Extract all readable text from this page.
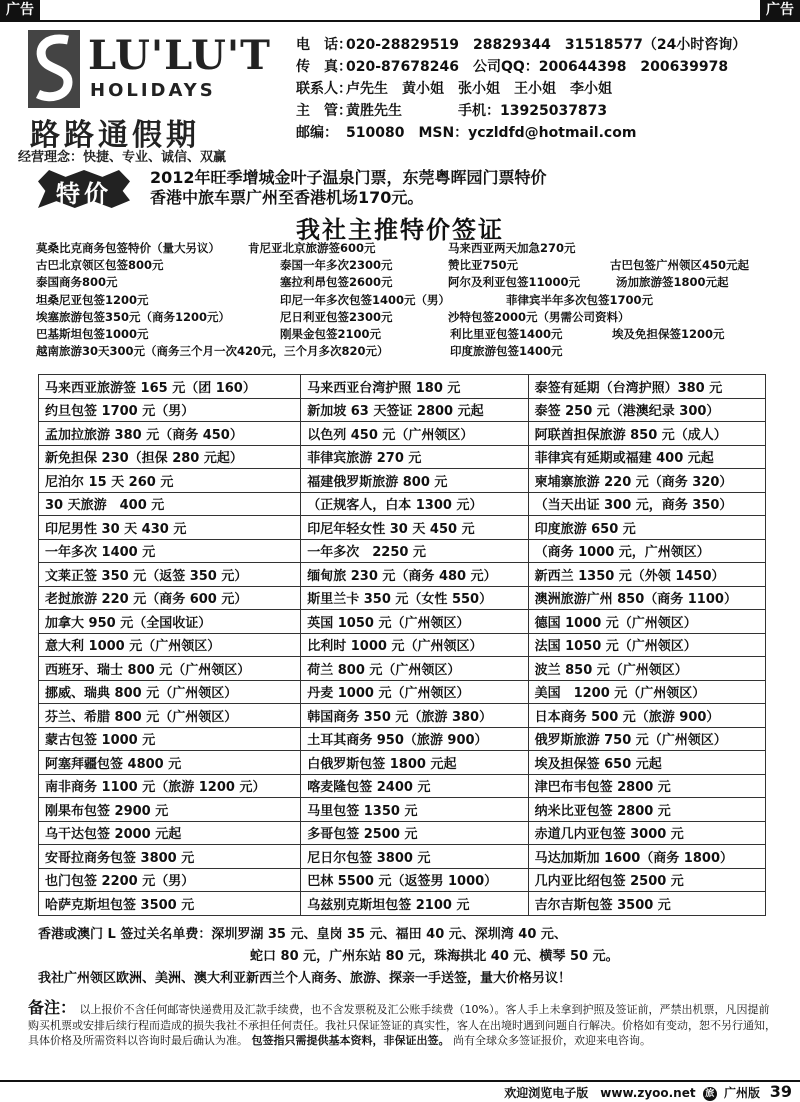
广告	广告
LU'LU'T
HOLIDAYS
路路通假期
经营理念：快捷、专业、诚信、双赢
电　话：020-28829519　28829344　31518577（24小时咨询）
传　真：020-87678246　公司QQ：200644398　200639978
联系人：卢先生　黄小姐　张小姐　王小姐　李小姐
主　管：黄胜先生　　　　手机：13925037873
邮编： 510080　MSN：yczldfd@hotmail.com
特价
2012年旺季增城金叶子温泉门票，东莞粤晖园门票特价
香港中旅车票广州至香港机场170元。
我社主推特价签证
莫桑比克商务包签特价（量大另议） 肯尼亚北京旅游签600元	马来西亚两天加急270元
古巴北京领区包签800元	泰国一年多次2300元	赞比亚750元	古巴包签广州领区450元起
泰国商务800元	塞拉利昂包签2600元	阿尔及利亚包签11000元	汤加旅游签1800元起
坦桑尼亚包签1200元	印尼一年多次包签1400元（男）	菲律宾半年多次包签1700元
埃塞旅游包签350元（商务1200元）	尼日利亚包签2300元	沙特包签2000元（男需公司资料）
巴基斯坦包签1000元	刚果金包签2100元	利比里亚包签1400元	埃及免担保签1200元
越南旅游30天300元（商务三个月一次420元，三个月多次820元）	印度旅游包签1400元
马来西亚旅游签 165 元（团 160）	马来西亚台湾护照 180 元	泰签有延期（台湾护照）380 元
约旦包签 1700 元（男）	新加坡 63 天签证 2800 元起	泰签 250 元（港澳纪录 300）
孟加拉旅游 380 元（商务 450）	以色列 450 元（广州领区）	阿联酋担保旅游 850 元（成人）
新免担保 230（担保 280 元起）	菲律宾旅游 270 元	菲律宾有延期或福建 400 元起
尼泊尔 15 天 260 元	福建俄罗斯旅游 800 元	柬埔寨旅游 220 元（商务 320）
30 天旅游　400 元	（正规客人，白本 1300 元）	（当天出证 300 元，商务 350）
印尼男性 30 天 430 元	印尼年轻女性 30 天 450 元	印度旅游 650 元
一年多次 1400 元	一年多次　2250 元	（商务 1000 元，广州领区）
文莱正签 350 元（返签 350 元）	缅甸旅 230 元（商务 480 元）	新西兰 1350 元（外领 1450）
老挝旅游 220 元（商务 600 元）	斯里兰卡 350 元（女性 550）	澳洲旅游广州 850（商务 1100）
加拿大 950 元（全国收证）	英国 1050 元（广州领区）	德国 1000 元（广州领区）
意大利 1000 元（广州领区）	比利时 1000 元（广州领区）	法国 1050 元（广州领区）
西班牙、瑞士 800 元（广州领区）	荷兰 800 元（广州领区）	波兰 850 元（广州领区）
挪威、瑞典 800 元（广州领区）	丹麦 1000 元（广州领区）	美国　1200 元（广州领区）
芬兰、希腊 800 元（广州领区）	韩国商务 350 元（旅游 380）	日本商务 500 元（旅游 900）
蒙古包签 1000 元	土耳其商务 950（旅游 900）	俄罗斯旅游 750 元（广州领区）
阿塞拜疆包签 4800 元	白俄罗斯包签 1800 元起	埃及担保签 650 元起
南非商务 1100 元（旅游 1200 元）	喀麦隆包签 2400 元	津巴布韦包签 2800 元
刚果布包签 2900 元	马里包签 1350 元	纳米比亚包签 2800 元
乌干达包签 2000 元起	多哥包签 2500 元	赤道几内亚包签 3000 元
安哥拉商务包签 3800 元	尼日尔包签 3800 元	马达加斯加 1600（商务 1800）
也门包签 2200 元（男）	巴林 5500 元（返签男 1000）	几内亚比绍包签 2500 元
哈萨克斯坦包签 3500 元	乌兹别克斯坦包签 2100 元	吉尔吉斯包签 3500 元
香港或澳门 L 签过关名单费：深圳罗湖 35 元、皇岗 35 元、福田 40 元、深圳湾 40 元、
蛇口 80 元，广州东站 80 元，珠海拱北 40 元、横琴 50 元。
我社广州领区欧洲、美洲、澳大利亚新西兰个人商务、旅游、探亲一手送签，量大价格另议！
备注： 以上报价不含任何邮寄快递费用及汇款手续费，也不含发票税及汇公账手续费（10%）。客人手上未拿到护照及签证前，严禁出机票，凡因提前购买机票或安排后续行程而造成的损失我社不承担任何责任。我社只保证签证的真实性，客人在出境时遇到问题自行解决。价格如有变动，恕不另行通知，具体价格及所需资料以咨询时最后确认为准。 包签指只需提供基本资料，非保证出签。 尚有全球众多签证报价，欢迎来电咨询。
欢迎浏览电子版　www.zyoo.net 旅 广州版 39
